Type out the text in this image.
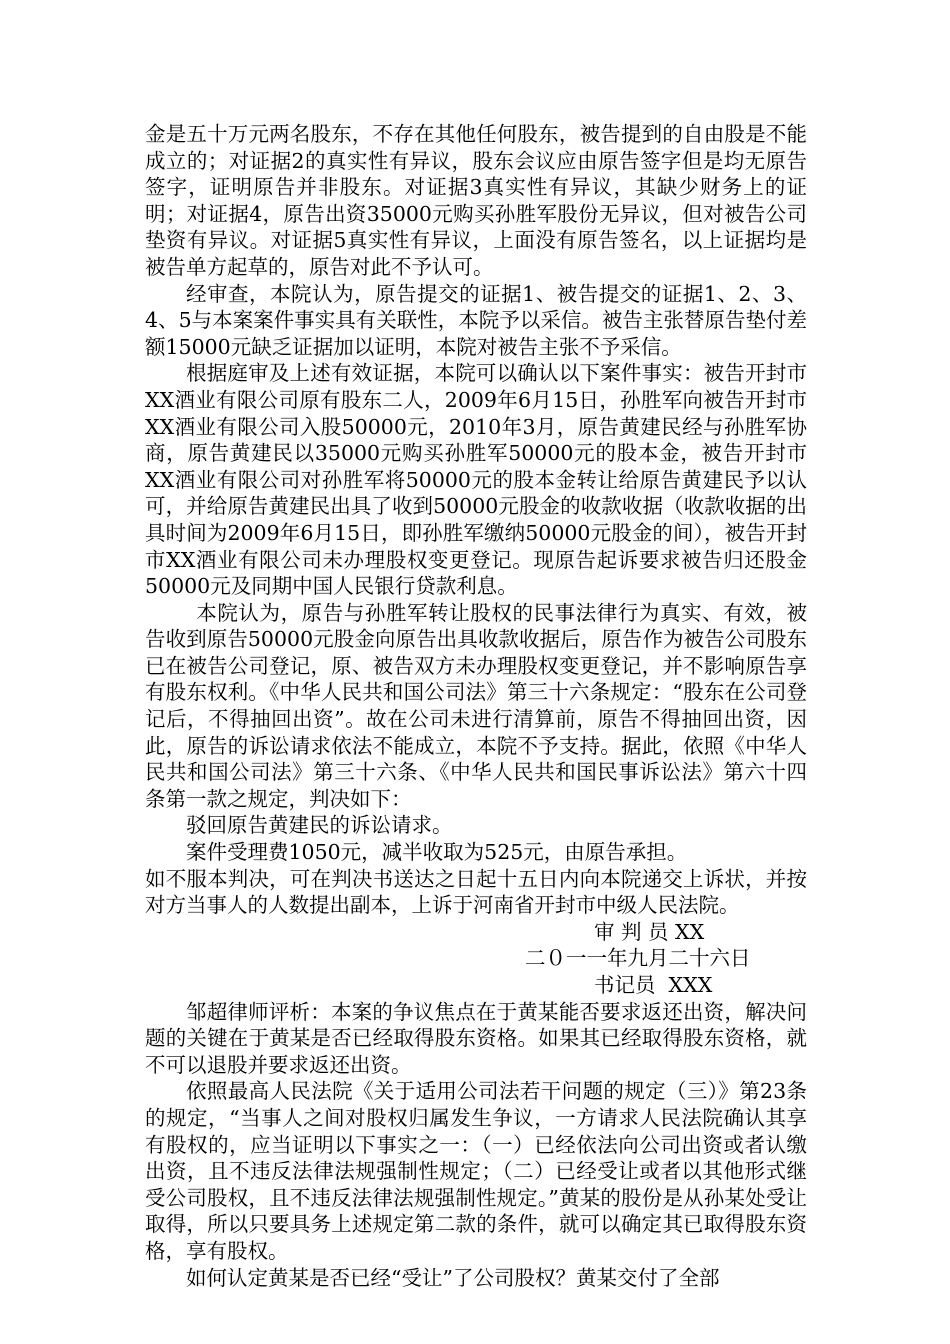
金是五十万元两名股东，不存在其他任何股东，被告提到的自由股是不能成立的；对证据2的真实性有异议，股东会议应由原告签字但是均无原告签字，证明原告并非股东。对证据3真实性有异议，其缺少财务上的证明；对证据4，原告出资35000元购买孙胜军股份无异议，但对被告公司垫资有异议。对证据5真实性有异议，上面没有原告签名，以上证据均是被告单方起草的，原告对此不予认可。

经审查，本院认为，原告提交的证据1、被告提交的证据1、2、3、4、5与本案案件事实具有关联性，本院予以采信。被告主张替原告垫付差额15000元缺乏证据加以证明，本院对被告主张不予采信。

根据庭审及上述有效证据，本院可以确认以下案件事实：被告开封市XX酒业有限公司原有股东二人，2009年6月15日，孙胜军向被告开封市XX酒业有限公司入股50000元，2010年3月，原告黄建民经与孙胜军协商，原告黄建民以35000元购买孙胜军50000元的股本金，被告开封市XX酒业有限公司对孙胜军将50000元的股本金转让给原告黄建民予以认可，并给原告黄建民出具了收到50000元股金的收款收据（收款收据的出具时间为2009年6月15日，即孙胜军缴纳50000元股金的间），被告开封市XX酒业有限公司未办理股权变更登记。现原告起诉要求被告归还股金50000元及同期中国人民银行贷款利息。

本院认为，原告与孙胜军转让股权的民事法律行为真实、有效，被告收到原告50000元股金向原告出具收款收据后，原告作为被告公司股东已在被告公司登记，原、被告双方未办理股权变更登记，并不影响原告享有股东权利。《中华人民共和国公司法》第三十六条规定：“股东在公司登记后，不得抽回出资”。故在公司未进行清算前，原告不得抽回出资，因此，原告的诉讼请求依法不能成立，本院不予支持。据此，依照《中华人民共和国公司法》第三十六条、《中华人民共和国民事诉讼法》第六十四条第一款之规定，判决如下：

驳回原告黄建民的诉讼请求。

案件受理费1050元，减半收取为525元，由原告承担。

如不服本判决，可在判决书送达之日起十五日内向本院递交上诉状，并按对方当事人的人数提出副本，上诉于河南省开封市中级人民法院。

审 判 员 XX
二０一一年九月二十六日
书记员  XXX

邹超律师评析：本案的争议焦点在于黄某能否要求返还出资，解决问题的关键在于黄某是否已经取得股东资格。如果其已经取得股东资格，就不可以退股并要求返还出资。

依照最高人民法院《关于适用公司法若干问题的规定（三）》第23条的规定，“当事人之间对股权归属发生争议，一方请求人民法院确认其享有股权的，应当证明以下事实之一：（一）已经依法向公司出资或者认缴出资，且不违反法律法规强制性规定；（二）已经受让或者以其他形式继受公司股权，且不违反法律法规强制性规定。”黄某的股份是从孙某处受让取得，所以只要具务上述规定第二款的条件，就可以确定其已取得股东资格，享有股权。

如何认定黄某是否已经“受让”了公司股权？黄某交付了全部
